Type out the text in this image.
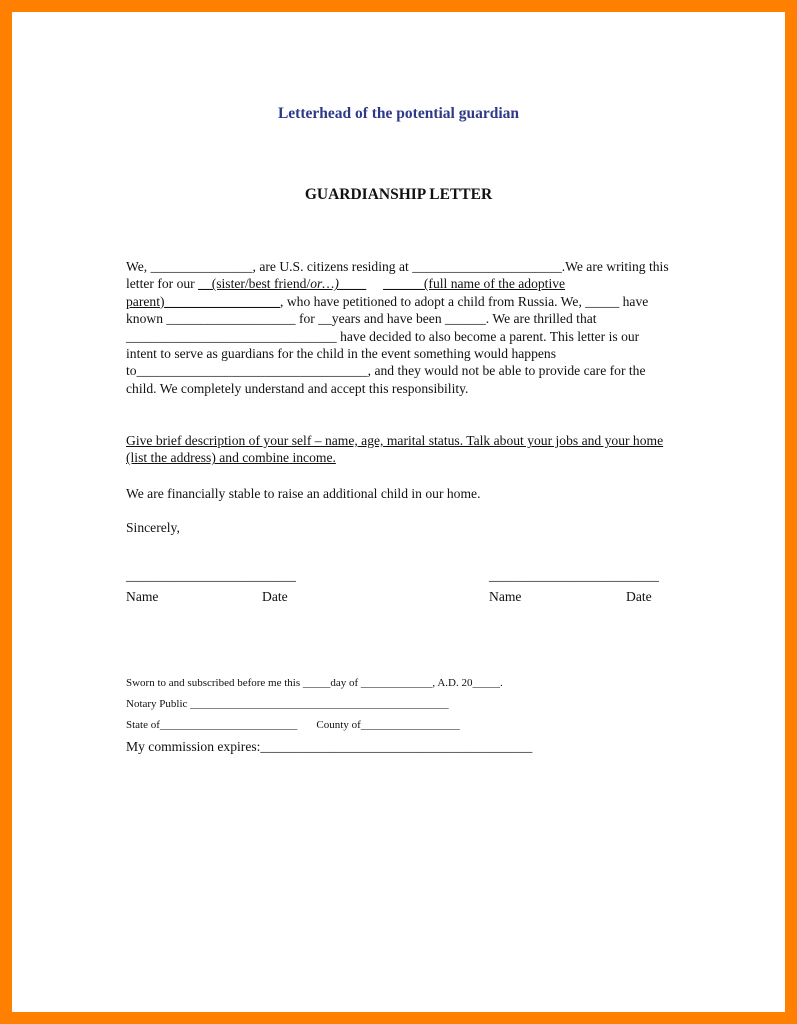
Letterhead of the potential guardian
GUARDIANSHIP LETTER
We, _______________, are U.S. citizens residing at ______________________.We are writing this letter for our __(sister/best friend/or…)____ ______(full name of the adoptive parent)_________________, who have petitioned to adopt a child from Russia. We, _____ have known ___________________ for __years and have been ______. We are thrilled that _______________________________ have decided to also become a parent. This letter is our intent to serve as guardians for the child in the event something would happens to__________________________________, and they would not be able to provide care for the child. We completely understand and accept this responsibility.
Give brief description of your self – name, age, marital status. Talk about your jobs and your home (list the address) and combine income.
We are financially stable to raise an additional child in our home.
Sincerely,
_________________________	_________________________
Name	Date	Name	Date
Sworn to and subscribed before me this _____day of _____________, A.D. 20_____.
Notary Public _______________________________________________
State of_________________________ County of__________________
My commission expires:________________________________________
